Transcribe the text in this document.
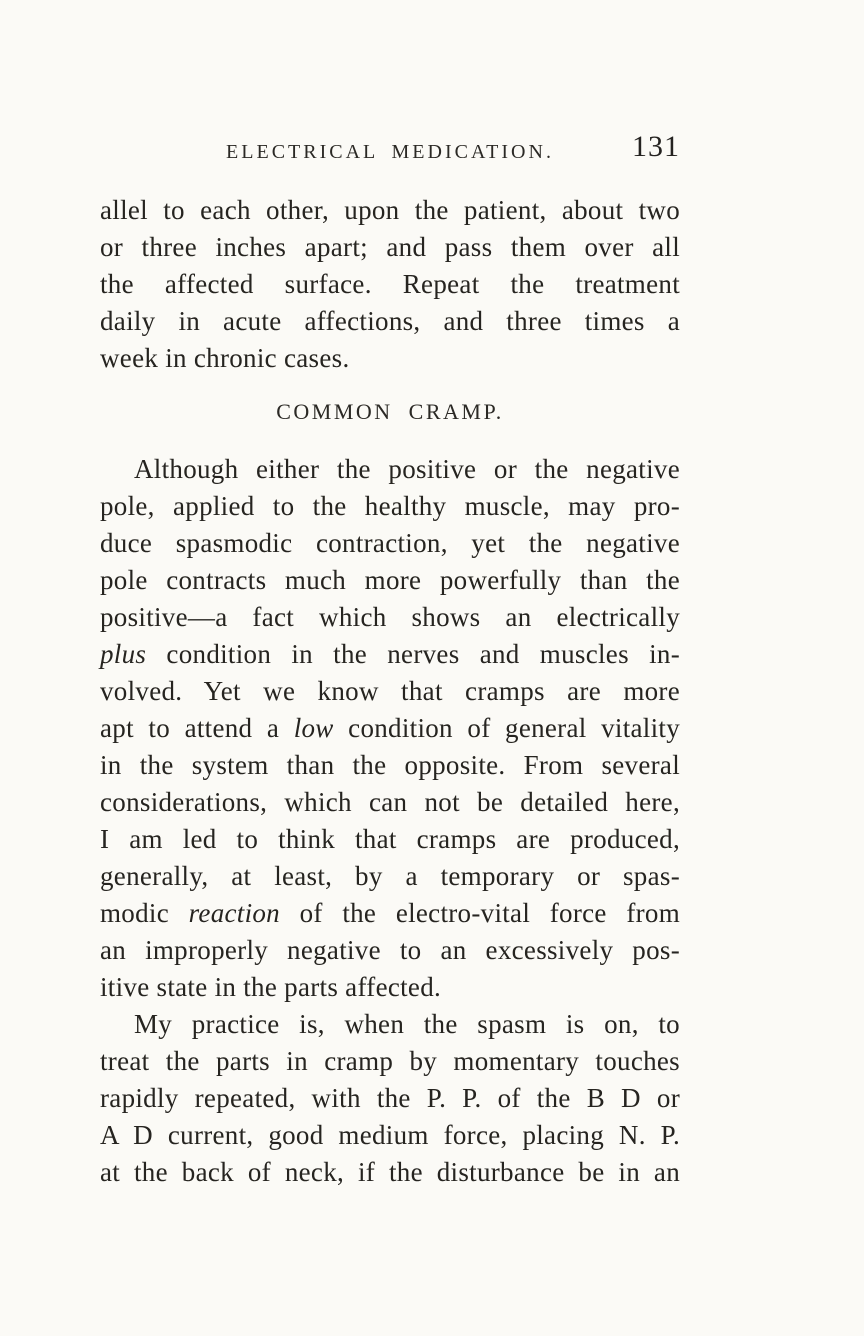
ELECTRICAL MEDICATION.	131
allel to each other, upon the patient, about two
or three inches apart; and pass them over all
the affected surface. Repeat the treatment
daily in acute affections, and three times a
week in chronic cases.
COMMON CRAMP.
Although either the positive or the negative
pole, applied to the healthy muscle, may pro-
duce spasmodic contraction, yet the negative
pole contracts much more powerfully than the
positive—a fact which shows an electrically
plus condition in the nerves and muscles in-
volved. Yet we know that cramps are more
apt to attend a low condition of general vitality
in the system than the opposite. From several
considerations, which can not be detailed here,
I am led to think that cramps are produced,
generally, at least, by a temporary or spas-
modic reaction of the electro-vital force from
an improperly negative to an excessively pos-
itive state in the parts affected.
My practice is, when the spasm is on, to
treat the parts in cramp by momentary touches
rapidly repeated, with the P. P. of the B D or
A D current, good medium force, placing N. P.
at the back of neck, if the disturbance be in an
